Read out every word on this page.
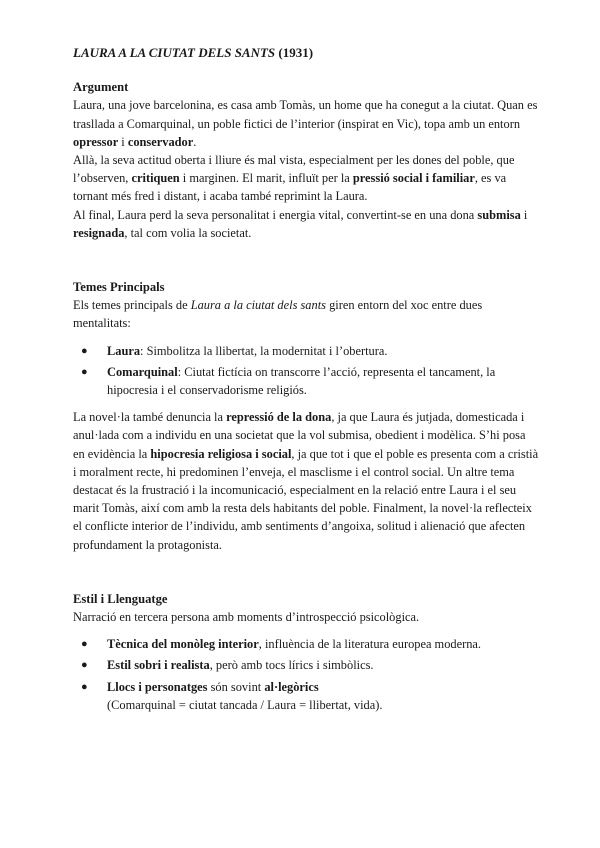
LAURA A LA CIUTAT DELS SANTS (1931)
Argument

Laura, una jove barcelonina, es casa amb Tomàs, un home que ha conegut a la ciutat. Quan es trasllada a Comarquinal, un poble fictici de l’interior (inspirat en Vic), topa amb un entorn opressor i conservador.

Allà, la seva actitud oberta i lliure és mal vista, especialment per les dones del poble, que l’observen, critiquen i marginen. El marit, influït per la pressió social i familiar, es va tornant més fred i distant, i acaba també reprimint la Laura.

Al final, Laura perd la seva personalitat i energia vital, convertint-se en una dona submisa i resignada, tal com volia la societat.

Temes Principals

Els temes principals de Laura a la ciutat dels sants giren entorn del xoc entre dues mentalitats:

● Laura: Simbolitza la llibertat, la modernitat i l’obertura.
● Comarquinal: Ciutat fictícia on transcorre l’acció, representa el tancament, la hipocresia i el conservadorisme religiós.

La novel·la també denuncia la repressió de la dona, ja que Laura és jutjada, domesticada i anul·lada com a individu en una societat que la vol submisa, obedient i modèlica. S’hi posa en evidència la hipocresia religiosa i social, ja que tot i que el poble es presenta com a cristià i moralment recte, hi predominen l’enveja, el masclisme i el control social. Un altre tema destacat és la frustració i la incomunicació, especialment en la relació entre Laura i el seu marit Tomàs, així com amb la resta dels habitants del poble. Finalment, la novel·la reflecteix el conflicte interior de l’individu, amb sentiments d’angoixa, solitud i alienació que afecten profundament la protagonista.

Estil i Llenguatge

Narració en tercera persona amb moments d’introspecció psicològica.

● Tècnica del monòleg interior, influència de la literatura europea moderna.
● Estil sobri i realista, però amb tocs lírics i simbòlics.
● Llocs i personatges són sovint al·legòrics
(Comarquinal = ciutat tancada / Laura = llibertat, vida).
